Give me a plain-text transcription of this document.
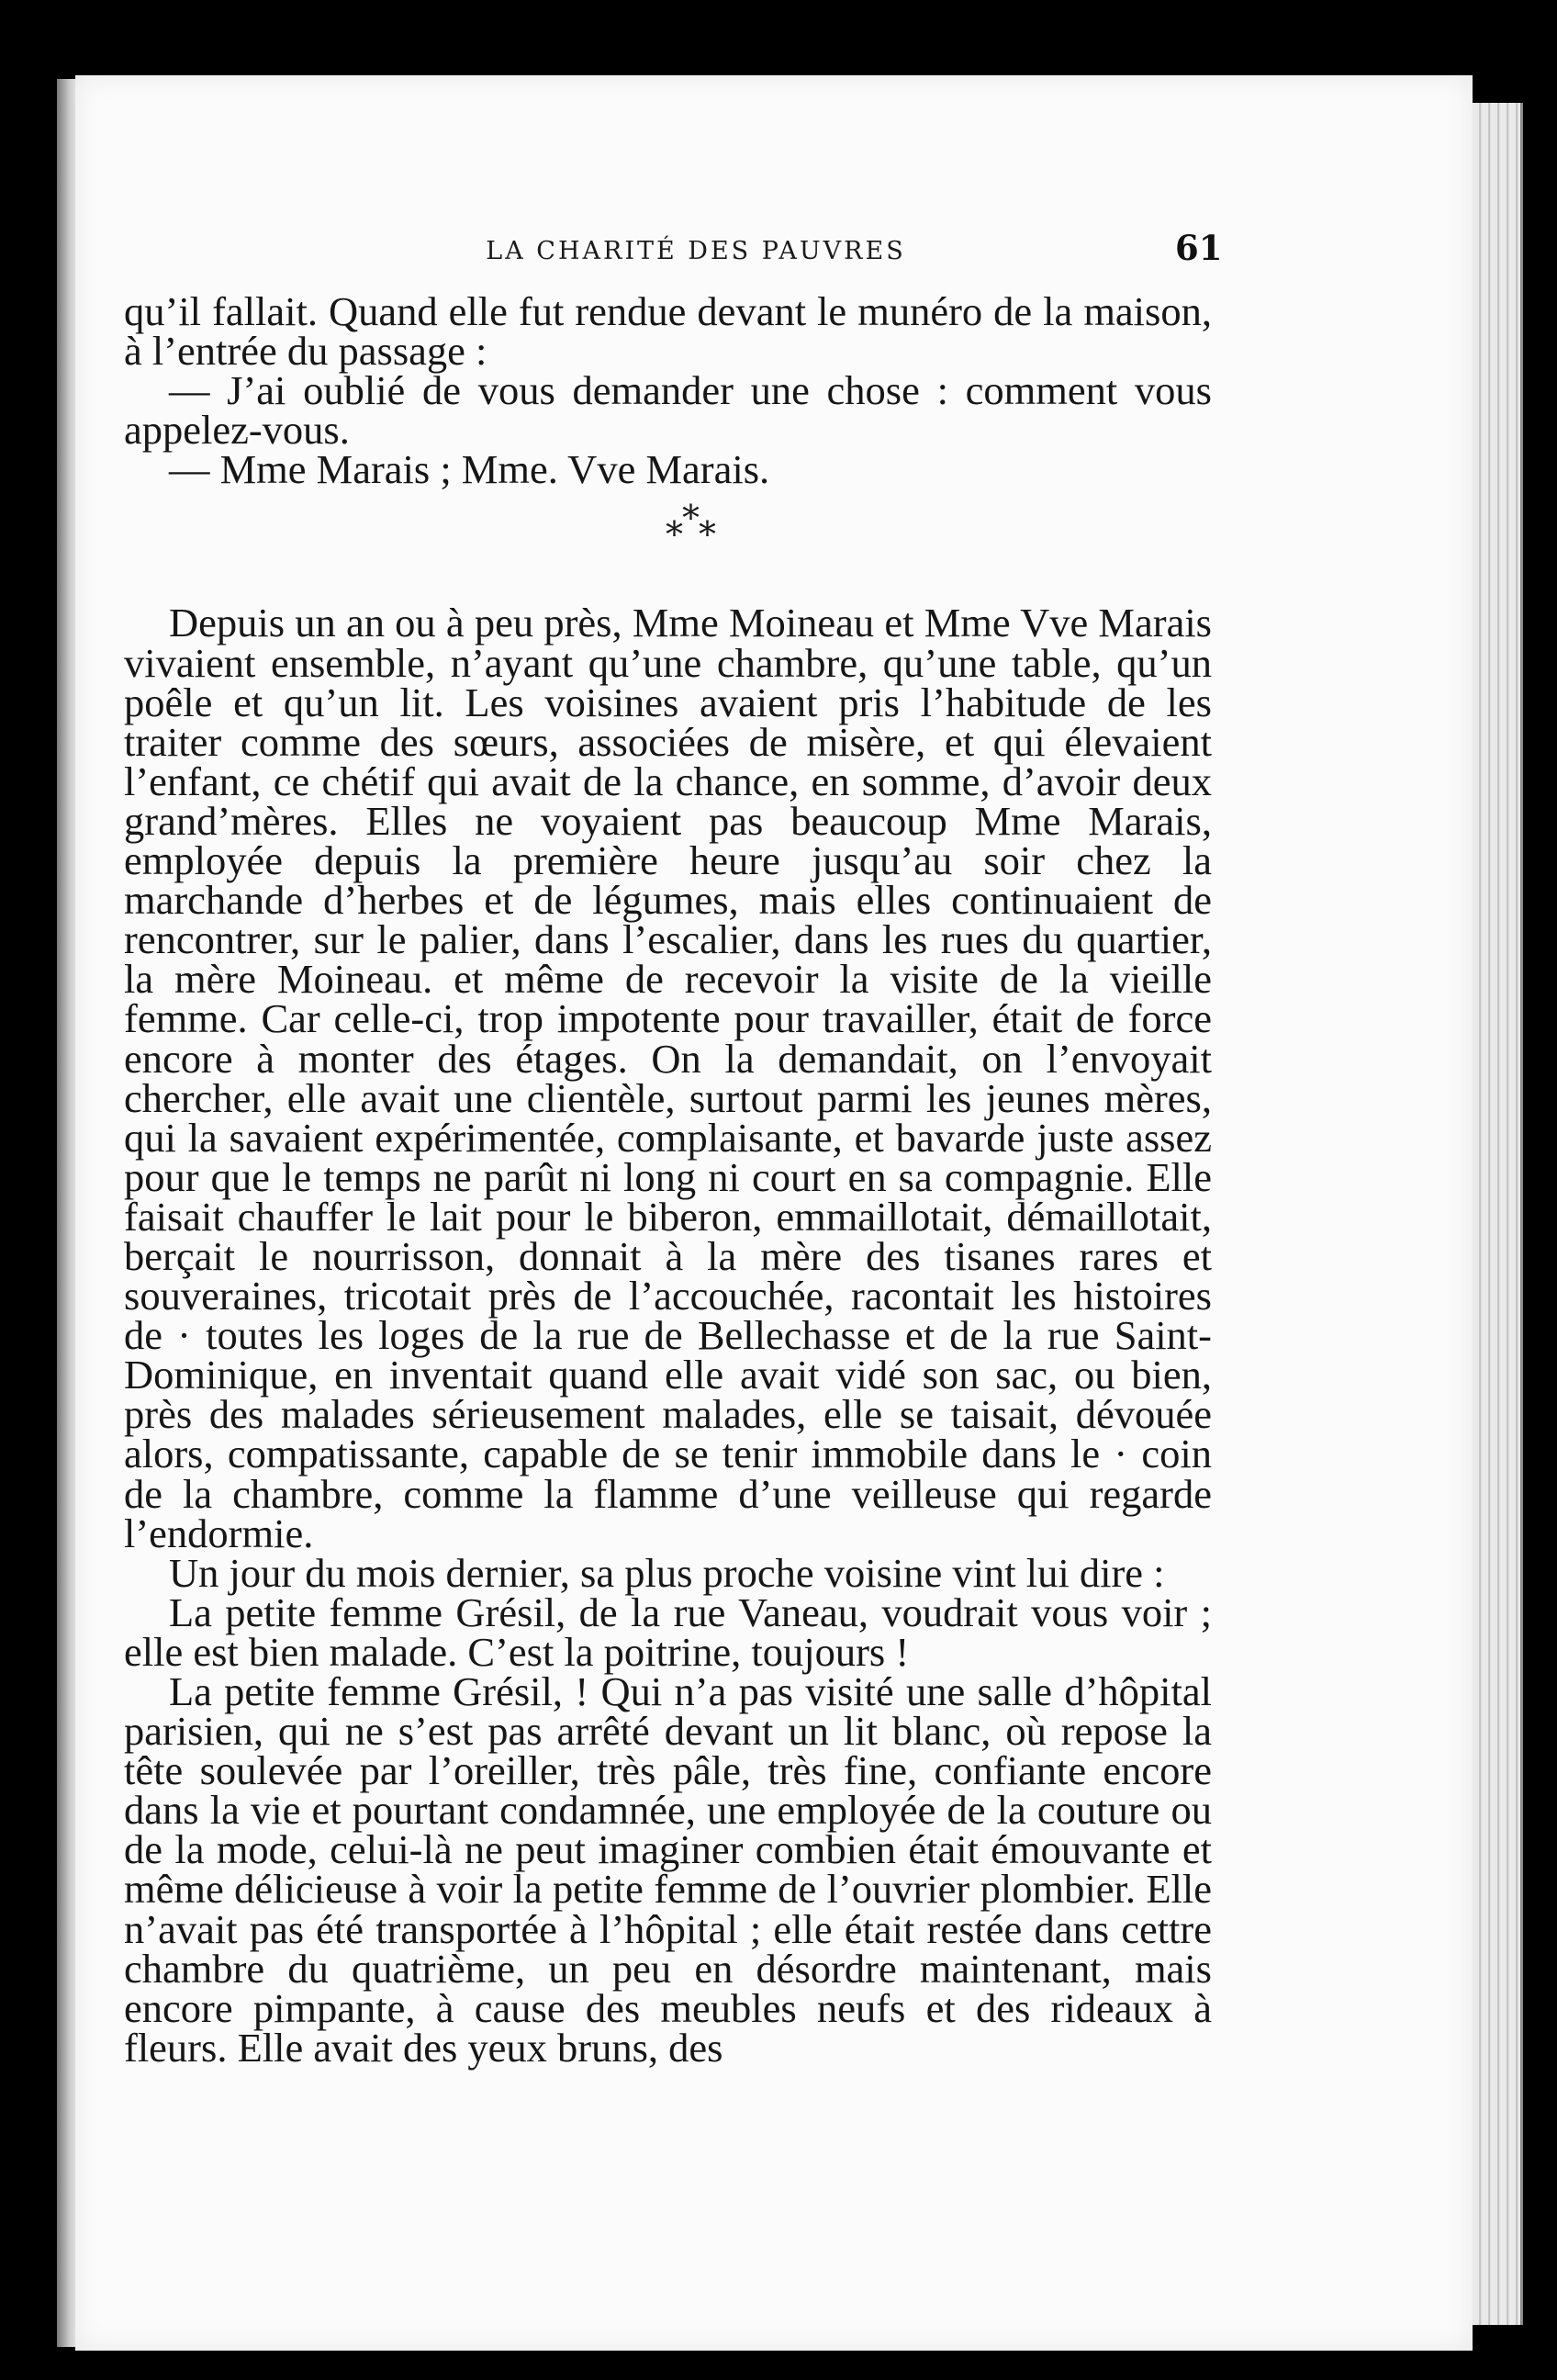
LA CHARITÉ DES PAUVRES	61

qu’il fallait. Quand elle fut rendue devant le munéro de la maison, à l’entrée du passage :

— J’ai oublié de vous demander une chose : comment vous appelez-vous.

— Mme Marais ; Mme. Vve Marais.

* * *

Depuis un an ou à peu près, Mme Moineau et Mme Vve Marais vivaient ensemble, n’ayant qu’une chambre, qu’une table, qu’un poêle et qu’un lit. Les voisines avaient pris l’habitude de les traiter comme des sœurs, associées de misère, et qui élevaient l’enfant, ce chétif qui avait de la chance, en somme, d’avoir deux grand’mères. Elles ne voyaient pas beaucoup Mme Marais, employée depuis la première heure jusqu’au soir chez la marchande d’herbes et de légumes, mais elles continuaient de rencontrer, sur le palier, dans l’escalier, dans les rues du quartier, la mère Moineau. et même de recevoir la visite de la vieille femme. Car celle-ci, trop impotente pour travailler, était de force encore à monter des étages. On la demandait, on l’envoyait chercher, elle avait une clientèle, surtout parmi les jeunes mères, qui la savaient expérimentée, complaisante, et bavarde juste assez pour que le temps ne parût ni long ni court en sa compagnie. Elle faisait chauffer le lait pour le biberon, emmaillotait, démaillotait, berçait le nourrisson, donnait à la mère des tisanes rares et souveraines, tricotait près de l’accouchée, racontait les histoires de · toutes les loges de la rue de Bellechasse et de la rue Saint-Dominique, en inventait quand elle avait vidé son sac, ou bien, près des malades sérieusement malades, elle se taisait, dévouée alors, compatissante, capable de se tenir immobile dans le · coin de la chambre, comme la flamme d’une veilleuse qui regarde l’endormie.

Un jour du mois dernier, sa plus proche voisine vint lui dire :

La petite femme Grésil, de la rue Vaneau, voudrait vous voir ; elle est bien malade. C’est la poitrine, toujours !

La petite femme Grésil, ! Qui n’a pas visité une salle d’hôpital parisien, qui ne s’est pas arrêté devant un lit blanc, où repose la tête soulevée par l’oreiller, très pâle, très fine, confiante encore dans la vie et pourtant condamnée, une employée de la couture ou de la mode, celui-là ne peut imaginer combien était émouvante et même délicieuse à voir la petite femme de l’ouvrier plombier. Elle n’avait pas été transportée à l’hôpital ; elle était restée dans cettre chambre du quatrième, un peu en désordre maintenant, mais encore pimpante, à cause des meubles neufs et des rideaux à fleurs. Elle avait des yeux bruns, des
